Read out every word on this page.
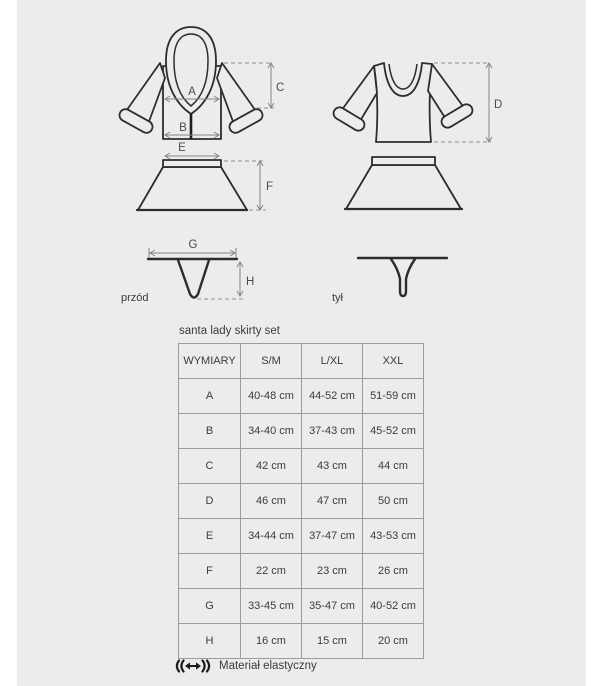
A
B
C
D
E
F
G
H
przód	tył
santa lady skirty set
WYMIARY	S/M	L/XL	XXL
A	40-48 cm	44-52 cm	51-59 cm
B	34-40 cm	37-43 cm	45-52 cm
C	42 cm	43 cm	44 cm
D	46 cm	47 cm	50 cm
E	34-44 cm	37-47 cm	43-53 cm
F	22 cm	23 cm	26 cm
G	33-45 cm	35-47 cm	40-52 cm
H	16 cm	15 cm	20 cm
Materiał elastyczny
